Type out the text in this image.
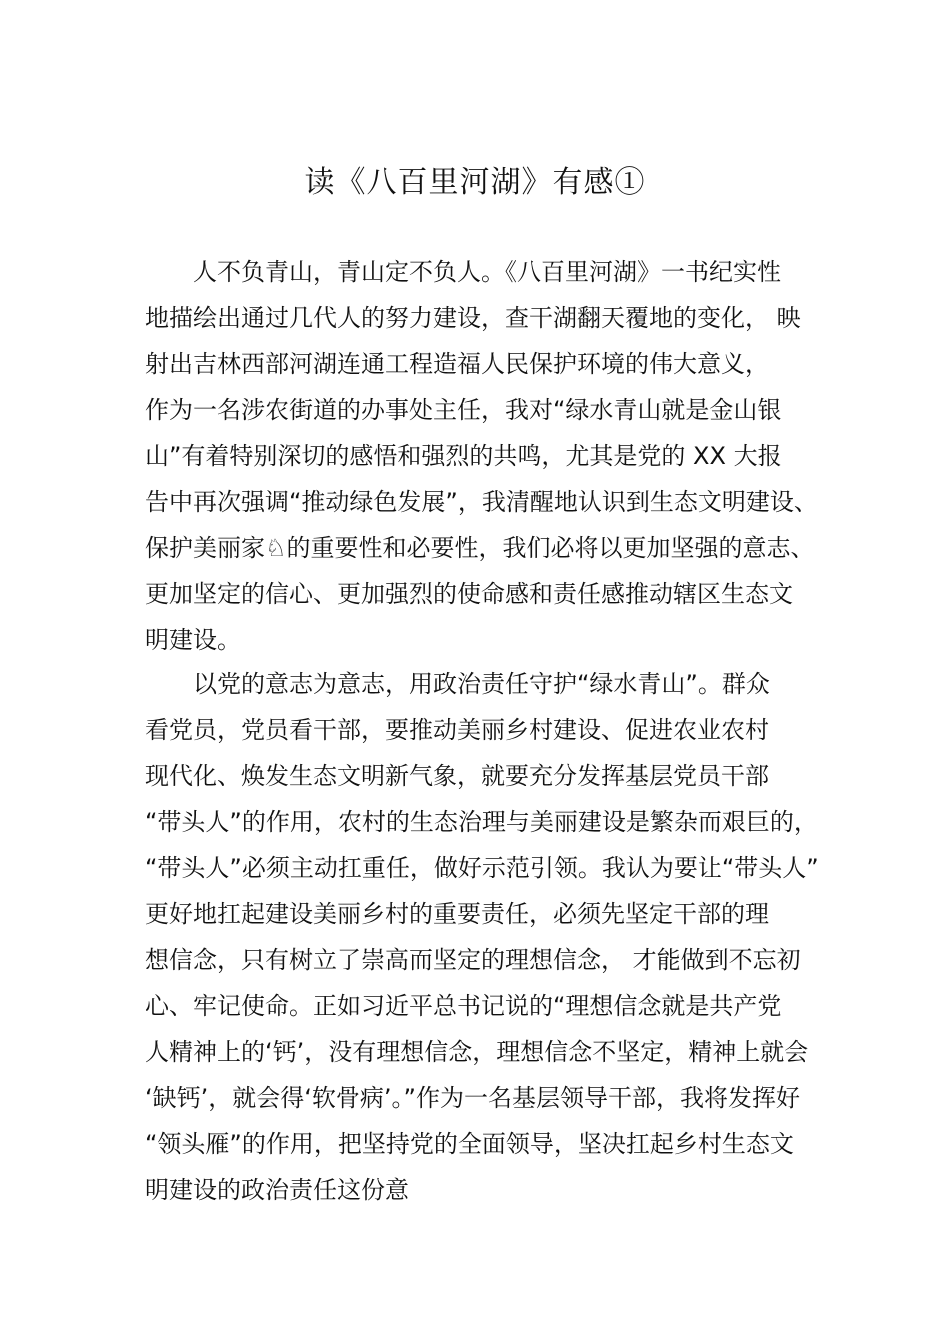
读《八百里河湖》有感①
人不负青山，青山定不负人。《八百里河湖》一书纪实性
地描绘出通过几代人的努力建设，查干湖翻天覆地的变化， 映
射出吉林西部河湖连通工程造福人民保护环境的伟大意义，
作为一名涉农街道的办事处主任，我对“绿水青山就是金山银
山”有着特别深切的感悟和强烈的共鸣，尤其是党的 XX 大报
告中再次强调“推动绿色发展”，我清醒地认识到生态文明建设、
保护美丽家♘的重要性和必要性，我们必将以更加坚强的意志、
更加坚定的信心、更加强烈的使命感和责任感推动辖区生态文
明建设。
以党的意志为意志，用政治责任守护“绿水青山”。群众
看党员，党员看干部，要推动美丽乡村建设、促进农业农村
现代化、焕发生态文明新气象，就要充分发挥基层党员干部
“带头人”的作用，农村的生态治理与美丽建设是繁杂而艰巨的，
“带头人”必须主动扛重任，做好示范引领。我认为要让“带头人”
更好地扛起建设美丽乡村的重要责任，必须先坚定干部的理
想信念，只有树立了崇高而坚定的理想信念， 才能做到不忘初
心、牢记使命。正如习近平总书记说的“理想信念就是共产党
人精神上的‘钙’，没有理想信念，理想信念不坚定，精神上就会
‘缺钙’，就会得‘软骨病’。”作为一名基层领导干部，我将发挥好
“领头雁”的作用，把坚持党的全面领导，坚决扛起乡村生态文
明建设的政治责任这份意
